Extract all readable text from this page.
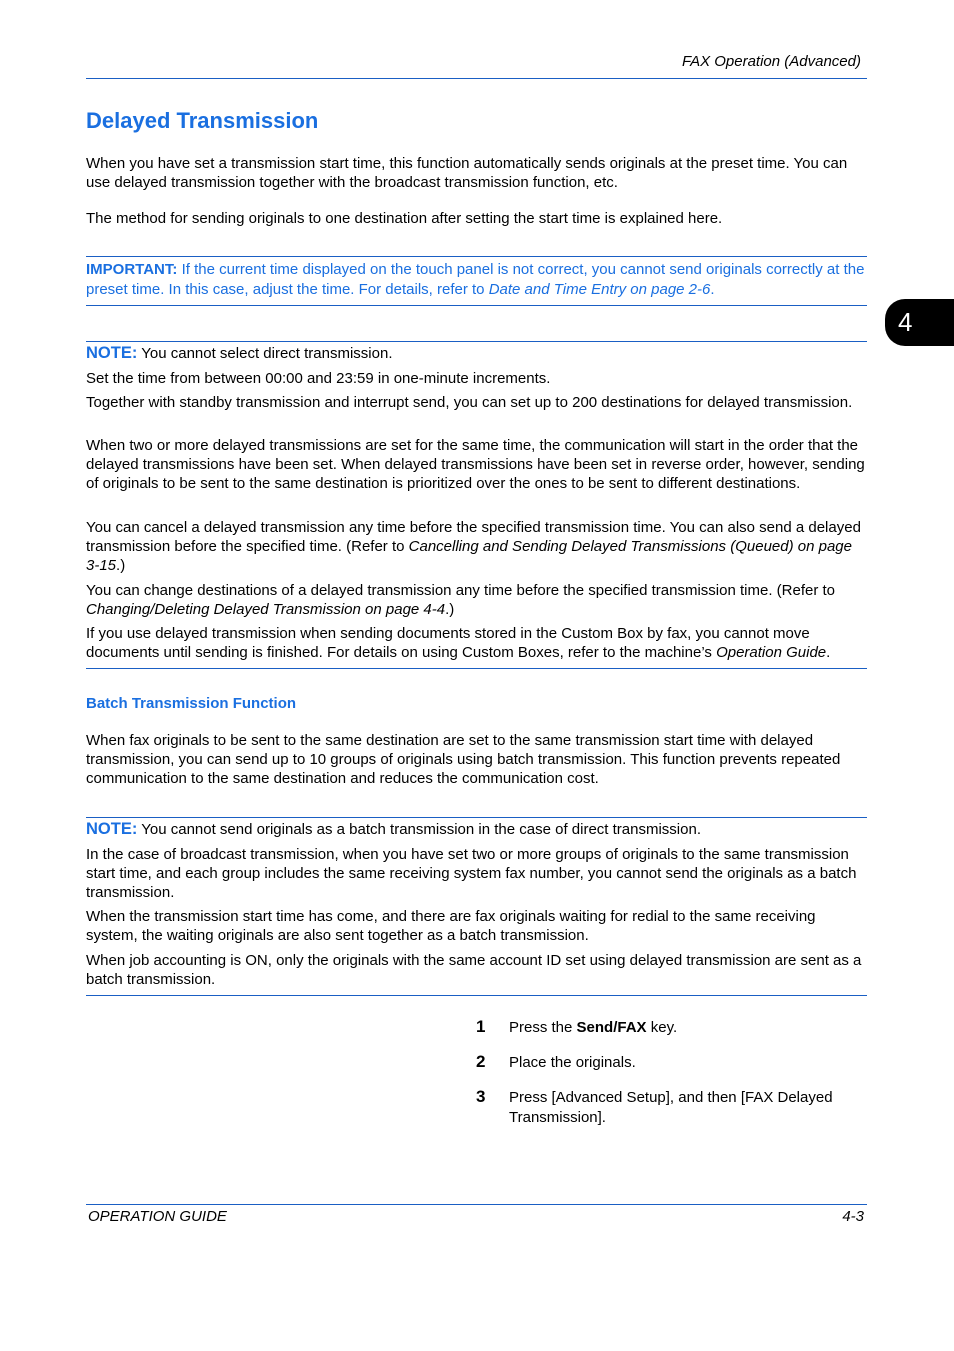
FAX Operation (Advanced)
4
Delayed Transmission

When you have set a transmission start time, this function automatically sends originals at the preset time. You can use delayed transmission together with the broadcast transmission function, etc.

The method for sending originals to one destination after setting the start time is explained here.

IMPORTANT: If the current time displayed on the touch panel is not correct, you cannot send originals correctly at the preset time. In this case, adjust the time. For details, refer to Date and Time Entry on page 2-6.

NOTE: You cannot select direct transmission.

Set the time from between 00:00 and 23:59 in one-minute increments.

Together with standby transmission and interrupt send, you can set up to 200 destinations for delayed transmission.

When two or more delayed transmissions are set for the same time, the communication will start in the order that the delayed transmissions have been set. When delayed transmissions have been set in reverse order, however, sending of originals to be sent to the same destination is prioritized over the ones to be sent to different destinations.

You can cancel a delayed transmission any time before the specified transmission time. You can also send a delayed transmission before the specified time. (Refer to Cancelling and Sending Delayed Transmissions (Queued) on page 3-15.)

You can change destinations of a delayed transmission any time before the specified transmission time. (Refer to Changing/Deleting Delayed Transmission on page 4-4.)

If you use delayed transmission when sending documents stored in the Custom Box by fax, you cannot move documents until sending is finished. For details on using Custom Boxes, refer to the machine’s Operation Guide.

Batch Transmission Function

When fax originals to be sent to the same destination are set to the same transmission start time with delayed transmission, you can send up to 10 groups of originals using batch transmission. This function prevents repeated communication to the same destination and reduces the communication cost.

NOTE: You cannot send originals as a batch transmission in the case of direct transmission.

In the case of broadcast transmission, when you have set two or more groups of originals to the same transmission start time, and each group includes the same receiving system fax number, you cannot send the originals as a batch transmission.

When the transmission start time has come, and there are fax originals waiting for redial to the same receiving system, the waiting originals are also sent together as a batch transmission.

When job accounting is ON, only the originals with the same account ID set using delayed transmission are sent as a batch transmission.

1 Press the Send/FAX key.
2 Place the originals.
3 Press [Advanced Setup], and then [FAX Delayed Transmission].
OPERATION GUIDE	4-3
